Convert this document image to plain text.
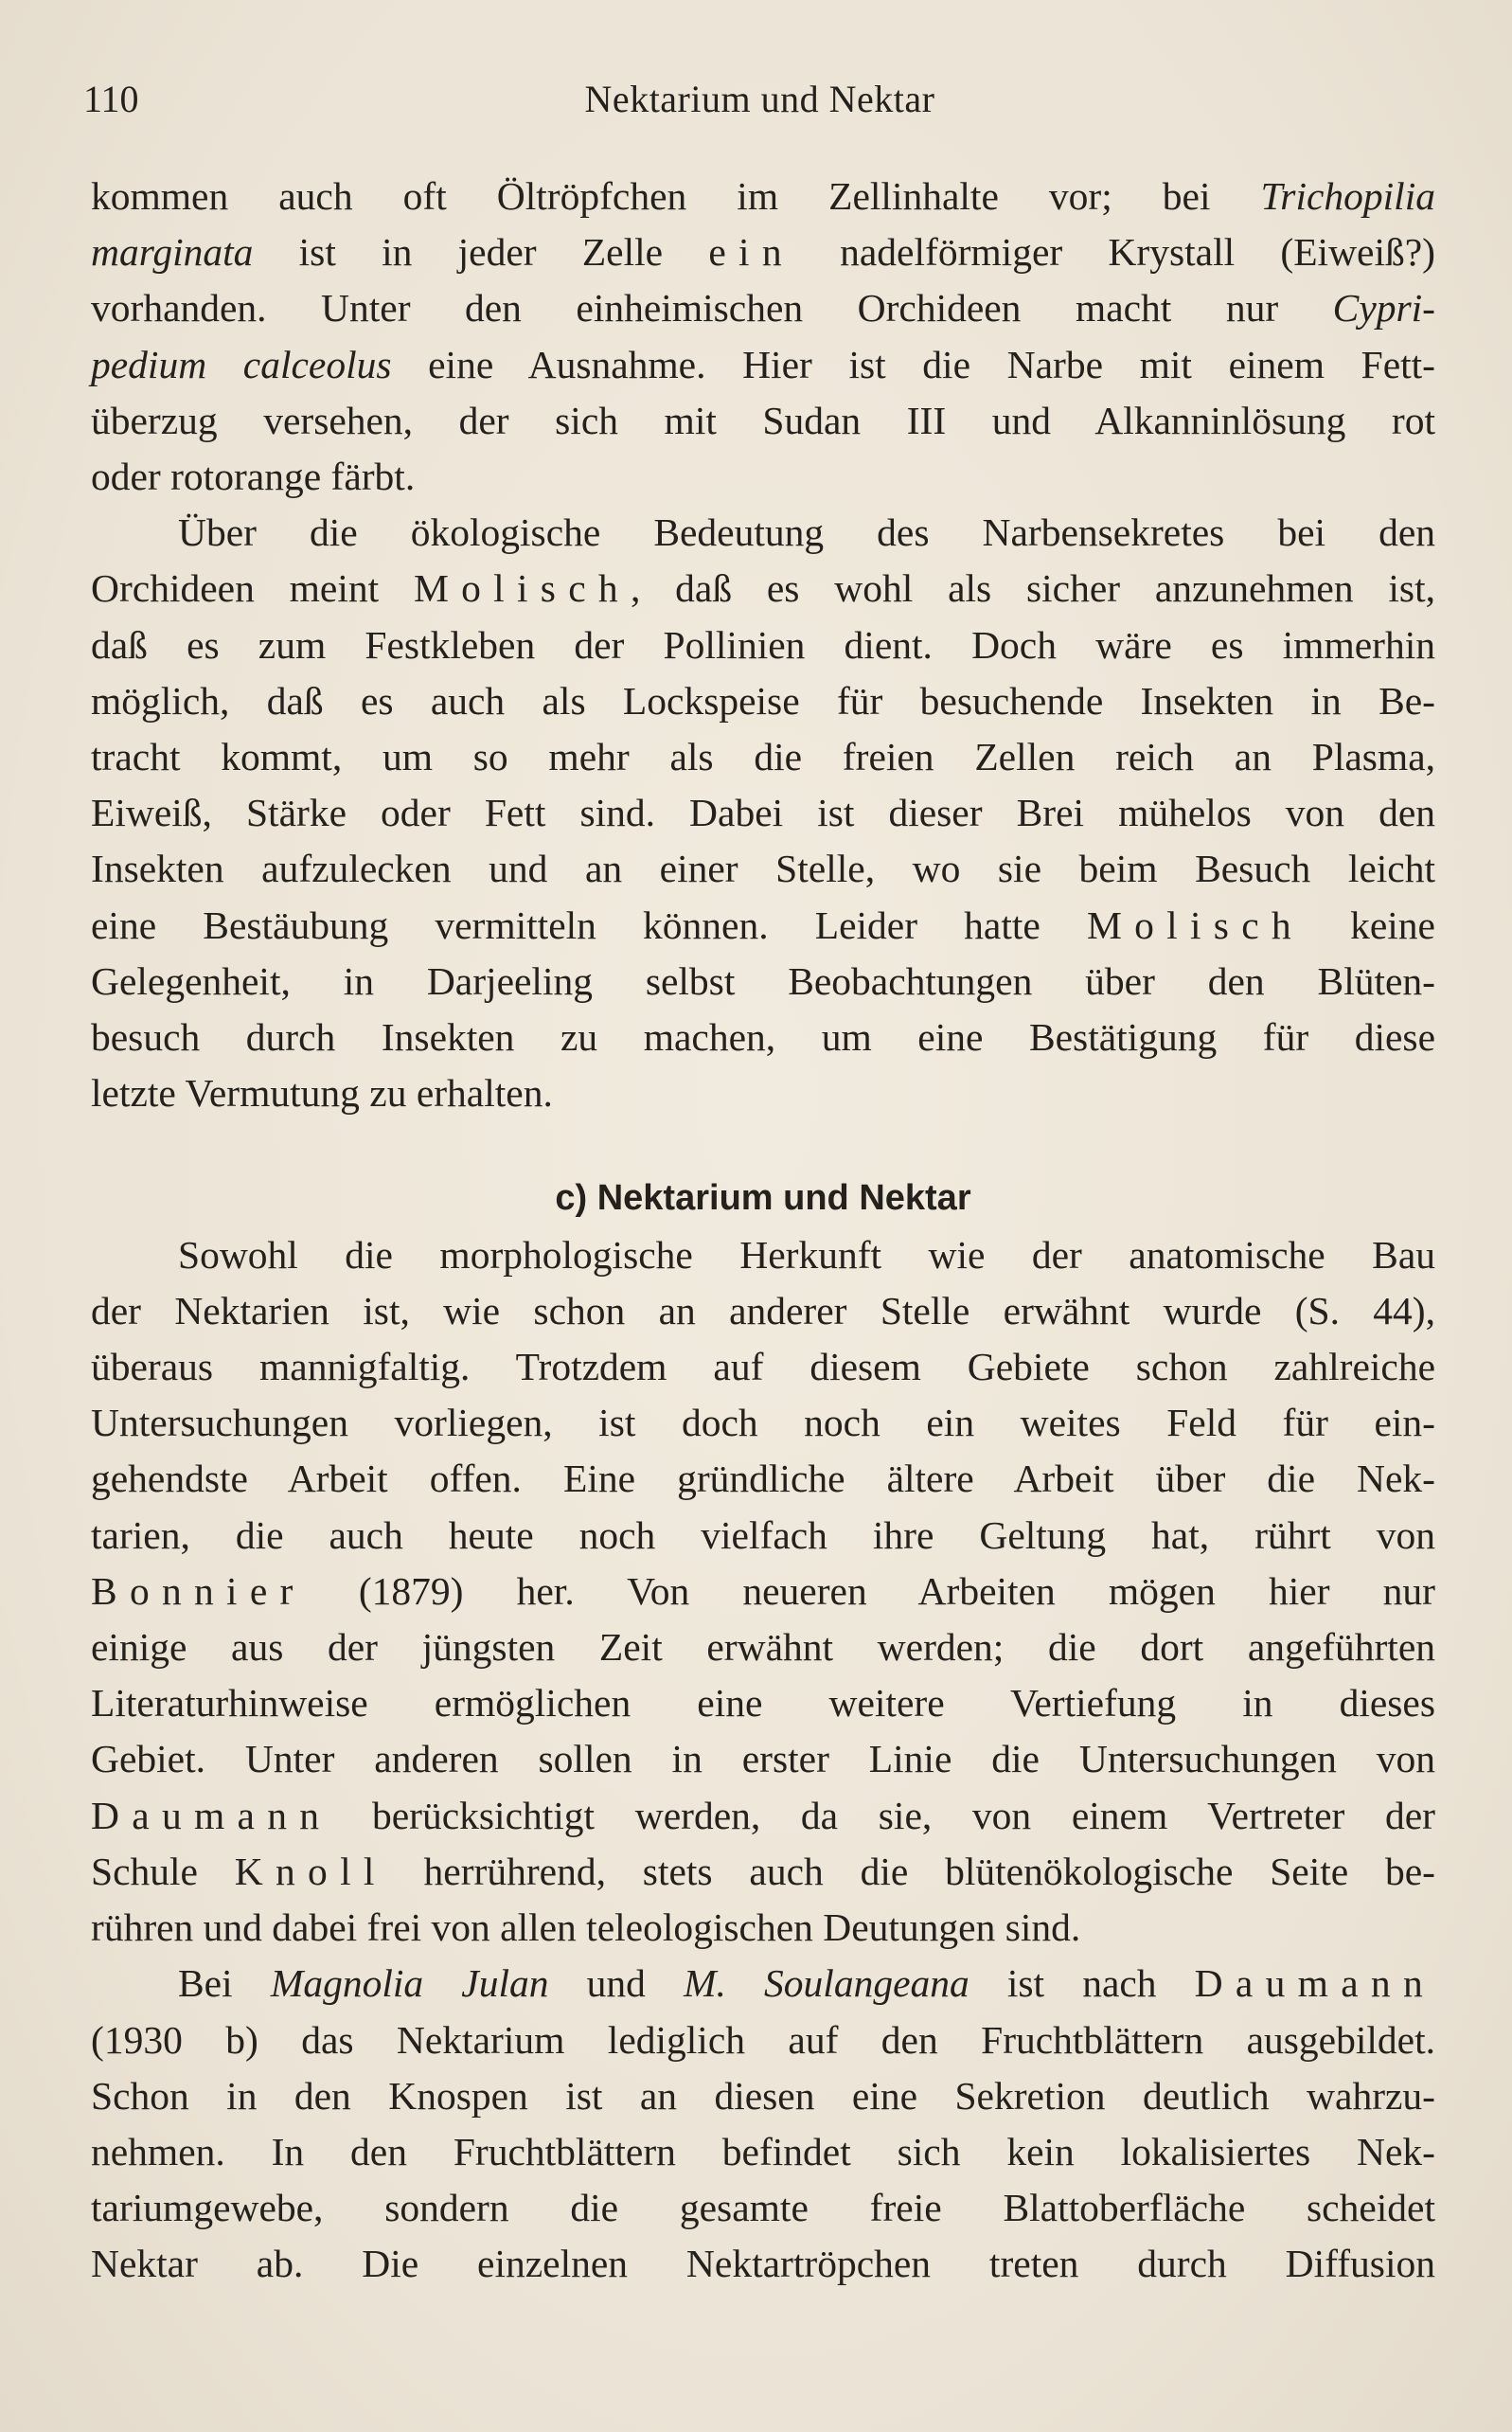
110	Nektarium und Nektar

kommen auch oft Öltröpfchen im Zellinhalte vor; bei Trichopilia

marginata ist in jeder Zelle ein nadelförmiger Krystall (Eiweiß?)

vorhanden. Unter den einheimischen Orchideen macht nur Cypri-

pedium calceolus eine Ausnahme. Hier ist die Narbe mit einem Fett-

überzug versehen, der sich mit Sudan III und Alkanninlösung rot

oder rotorange färbt.

Über die ökologische Bedeutung des Narbensekretes bei den

Orchideen meint Molisch, daß es wohl als sicher anzunehmen ist,

daß es zum Festkleben der Pollinien dient. Doch wäre es immerhin

möglich, daß es auch als Lockspeise für besuchende Insekten in Be-

tracht kommt, um so mehr als die freien Zellen reich an Plasma,

Eiweiß, Stärke oder Fett sind. Dabei ist dieser Brei mühelos von den

Insekten aufzulecken und an einer Stelle, wo sie beim Besuch leicht

eine Bestäubung vermitteln können. Leider hatte Molisch keine

Gelegenheit, in Darjeeling selbst Beobachtungen über den Blüten-

besuch durch Insekten zu machen, um eine Bestätigung für diese

letzte Vermutung zu erhalten.

c) Nektarium und Nektar

Sowohl die morphologische Herkunft wie der anatomische Bau

der Nektarien ist, wie schon an anderer Stelle erwähnt wurde (S. 44),

überaus mannigfaltig. Trotzdem auf diesem Gebiete schon zahlreiche

Untersuchungen vorliegen, ist doch noch ein weites Feld für ein-

gehendste Arbeit offen. Eine gründliche ältere Arbeit über die Nek-

tarien, die auch heute noch vielfach ihre Geltung hat, rührt von

Bonnier (1879) her. Von neueren Arbeiten mögen hier nur

einige aus der jüngsten Zeit erwähnt werden; die dort angeführten

Literaturhinweise ermöglichen eine weitere Vertiefung in dieses

Gebiet. Unter anderen sollen in erster Linie die Untersuchungen von

Daumann berücksichtigt werden, da sie, von einem Vertreter der

Schule Knoll herrührend, stets auch die blütenökologische Seite be-

rühren und dabei frei von allen teleologischen Deutungen sind.

Bei Magnolia Julan und M. Soulangeana ist nach Daumann

(1930 b) das Nektarium lediglich auf den Fruchtblättern ausgebildet.

Schon in den Knospen ist an diesen eine Sekretion deutlich wahrzu-

nehmen. In den Fruchtblättern befindet sich kein lokalisiertes Nek-

tariumgewebe, sondern die gesamte freie Blattoberfläche scheidet

Nektar ab. Die einzelnen Nektartröpchen treten durch Diffusion
